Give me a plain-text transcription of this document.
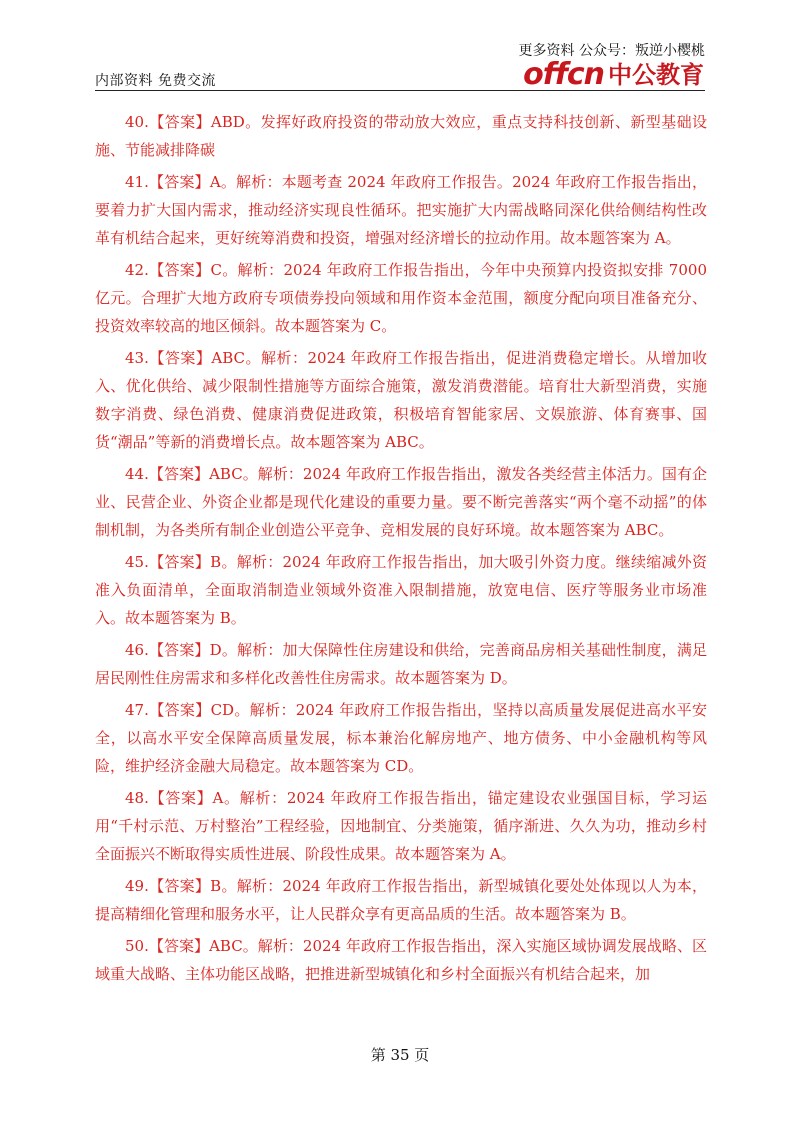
更多资料 公众号：叛逆小樱桃
内部资料 免费交流	offcn 中公教育

40.【答案】ABD。发挥好政府投资的带动放大效应，重点支持科技创新、新型基础设施、节能减排降碳

41.【答案】A。解析：本题考查 2024 年政府工作报告。2024 年政府工作报告指出，要着力扩大国内需求，推动经济实现良性循环。把实施扩大内需战略同深化供给侧结构性改革有机结合起来，更好统筹消费和投资，增强对经济增长的拉动作用。故本题答案为 A。

42.【答案】C。解析：2024 年政府工作报告指出，今年中央预算内投资拟安排 7000 亿元。合理扩大地方政府专项债券投向领域和用作资本金范围，额度分配向项目准备充分、投资效率较高的地区倾斜。故本题答案为 C。

43.【答案】ABC。解析：2024 年政府工作报告指出，促进消费稳定增长。从增加收入、优化供给、减少限制性措施等方面综合施策，激发消费潜能。培育壮大新型消费，实施数字消费、绿色消费、健康消费促进政策，积极培育智能家居、文娱旅游、体育赛事、国货“潮品”等新的消费增长点。故本题答案为 ABC。

44.【答案】ABC。解析：2024 年政府工作报告指出，激发各类经营主体活力。国有企业、民营企业、外资企业都是现代化建设的重要力量。要不断完善落实“两个毫不动摇”的体制机制，为各类所有制企业创造公平竞争、竞相发展的良好环境。故本题答案为 ABC。

45.【答案】B。解析：2024 年政府工作报告指出，加大吸引外资力度。继续缩减外资准入负面清单，全面取消制造业领域外资准入限制措施，放宽电信、医疗等服务业市场准入。故本题答案为 B。

46.【答案】D。解析：加大保障性住房建设和供给，完善商品房相关基础性制度，满足居民刚性住房需求和多样化改善性住房需求。故本题答案为 D。

47.【答案】CD。解析：2024 年政府工作报告指出，坚持以高质量发展促进高水平安全，以高水平安全保障高质量发展，标本兼治化解房地产、地方债务、中小金融机构等风险，维护经济金融大局稳定。故本题答案为 CD。

48.【答案】A。解析：2024 年政府工作报告指出，锚定建设农业强国目标，学习运用“千村示范、万村整治”工程经验，因地制宜、分类施策，循序渐进、久久为功，推动乡村全面振兴不断取得实质性进展、阶段性成果。故本题答案为 A。

49.【答案】B。解析：2024 年政府工作报告指出，新型城镇化要处处体现以人为本，提高精细化管理和服务水平，让人民群众享有更高品质的生活。故本题答案为 B。

50.【答案】ABC。解析：2024 年政府工作报告指出，深入实施区域协调发展战略、区域重大战略、主体功能区战略，把推进新型城镇化和乡村全面振兴有机结合起来，加

第 35 页
